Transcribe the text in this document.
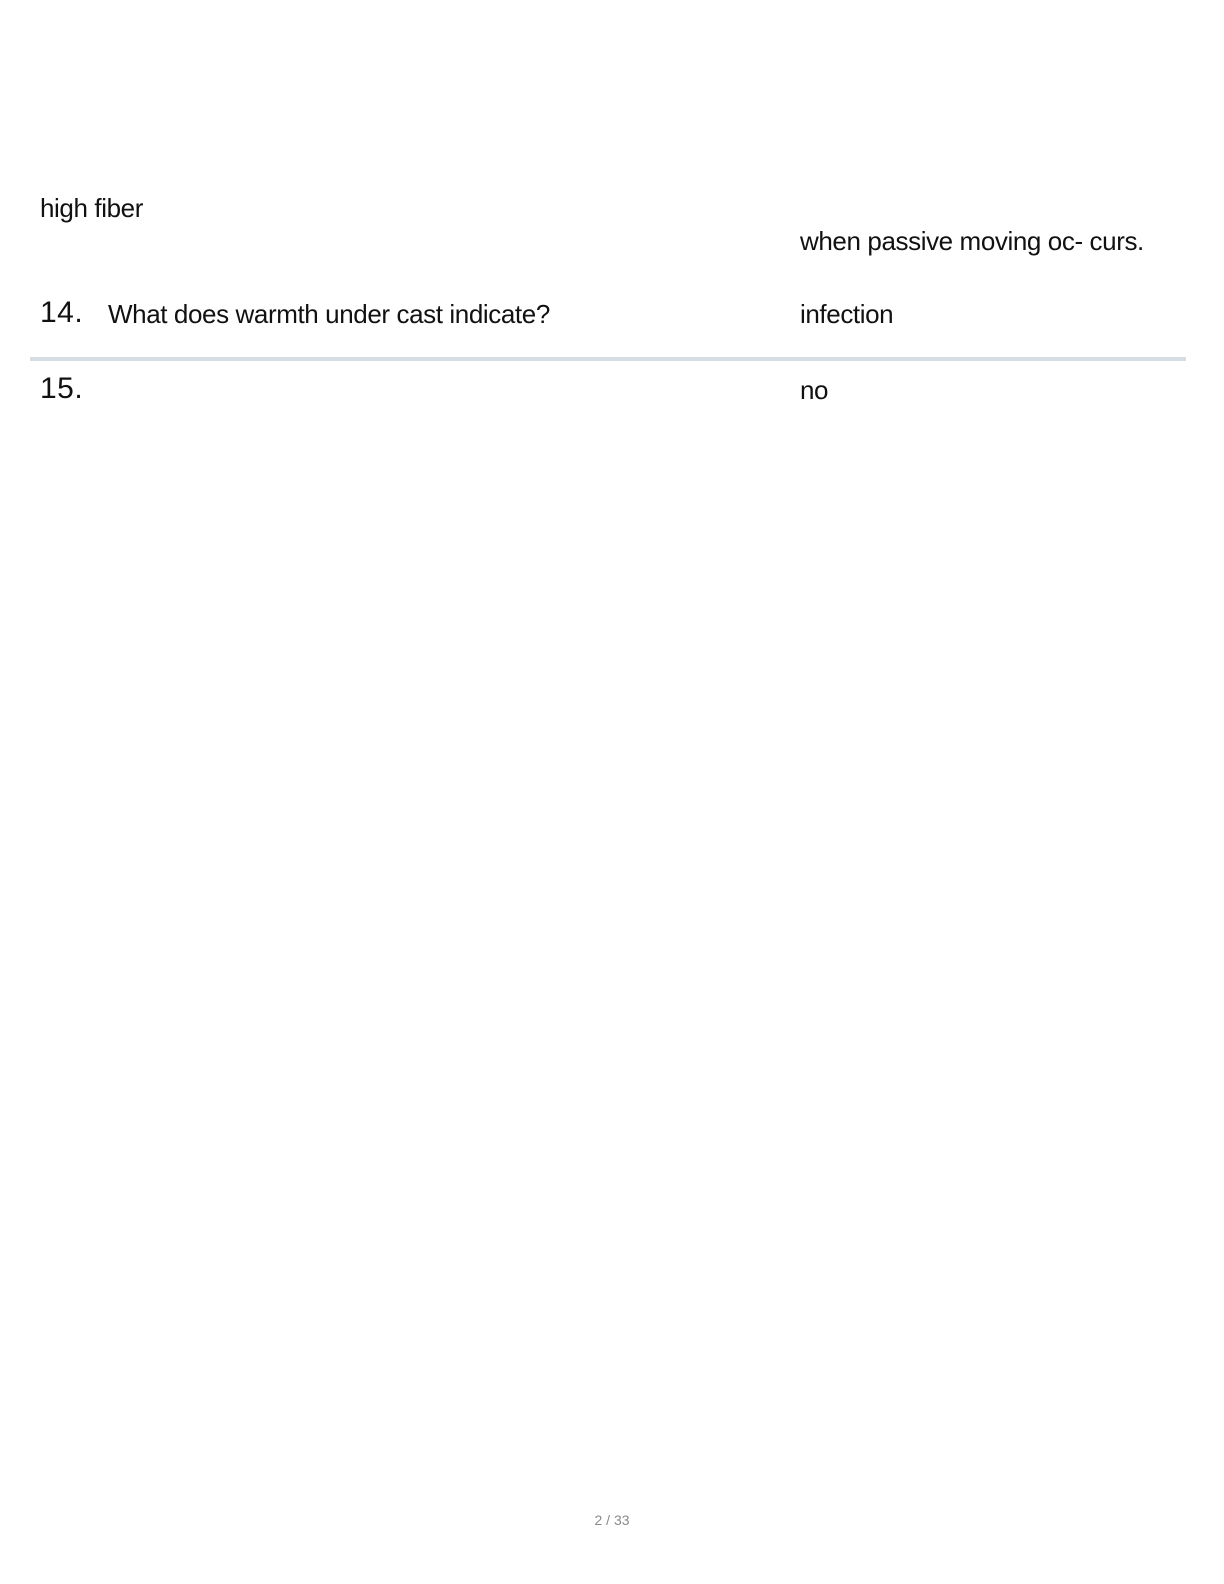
high fiber
when passive moving oc- curs.
14. What does warmth under cast indicate?	infection
15.	no
2 / 33
